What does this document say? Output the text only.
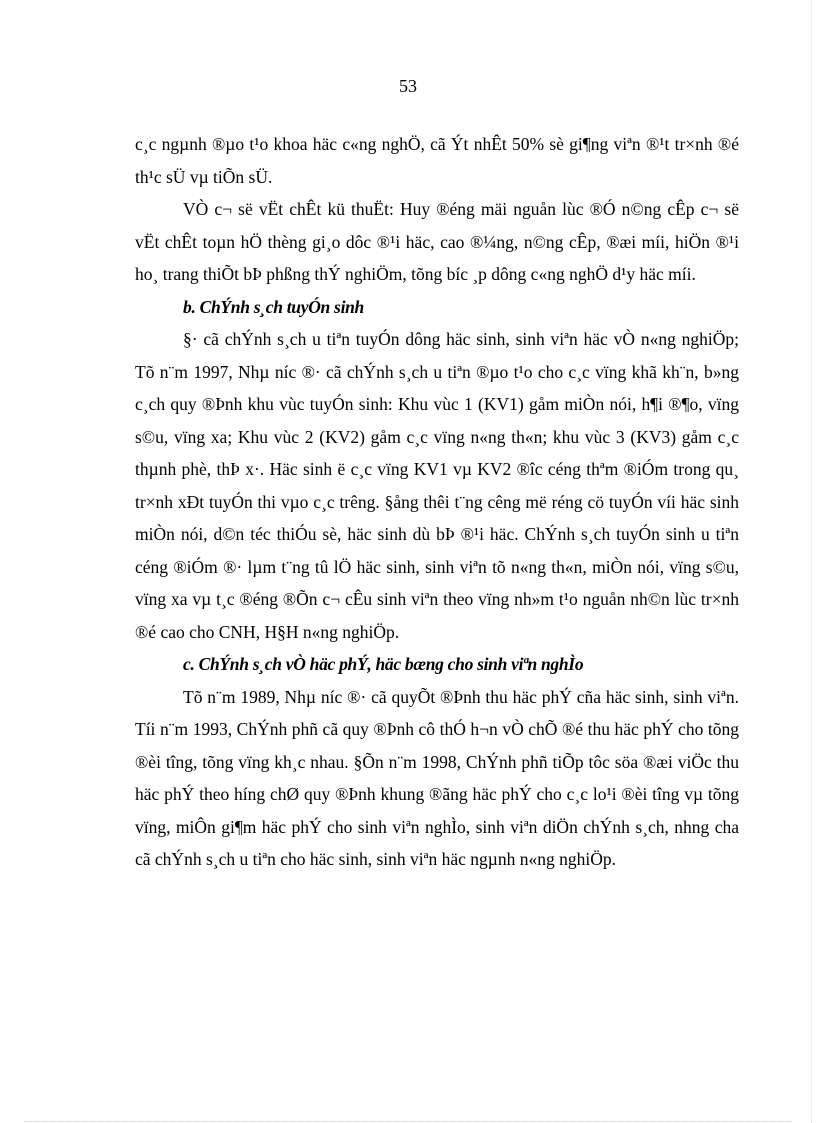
53

c¸c ngµnh ®µo t¹o khoa häc c«ng nghÖ, cã Ýt nhÊt 50% sè gi¶ng viªn ®¹t tr×nh ®é th¹c sÜ vµ tiÕn sÜ.

VÒ c¬ së vËt chÊt kü thuËt: Huy ®éng mäi nguån lùc ®Ó n©ng cÊp c¬ së vËt chÊt toµn hÖ thèng gi¸o dôc ®¹i häc, cao ®¼ng, n©ng cÊp, ®æi míi, hiÖn ®¹i ho¸ trang thiÕt bÞ phßng thÝ nghiÖm, tõng bíc ¸p dông c«ng nghÖ d¹y häc míi.

b. ChÝnh s¸ch tuyÓn sinh

§· cã chÝnh s¸ch u tiªn tuyÓn dông häc sinh, sinh viªn häc vÒ n«ng nghiÖp; Tõ n¨m 1997, Nhµ níc ®· cã chÝnh s¸ch u tiªn ®µo t¹o cho c¸c vïng khã kh¨n, b»ng c¸ch quy ®Þnh khu vùc tuyÓn sinh: Khu vùc 1 (KV1) gåm miÒn nói, h¶i ®¶o, vïng s©u, vïng xa; Khu vùc 2 (KV2) gåm c¸c vïng n«ng th«n; khu vùc 3 (KV3) gåm c¸c thµnh phè, thÞ x·. Häc sinh ë c¸c vïng KV1 vµ KV2 ®îc céng thªm ®iÓm trong qu¸ tr×nh xÐt tuyÓn thi vµo c¸c trêng. §ång thêi t¨ng cêng më réng cö tuyÓn víi häc sinh miÒn nói, d©n téc thiÓu sè, häc sinh dù bÞ ®¹i häc. ChÝnh s¸ch tuyÓn sinh u tiªn céng ®iÓm ®· lµm t¨ng tû lÖ häc sinh, sinh viªn tõ n«ng th«n, miÒn nói, vïng s©u, vïng xa vµ t¸c ®éng ®Õn c¬ cÊu sinh viªn theo vïng nh»m t¹o nguån nh©n lùc tr×nh ®é cao cho CNH, H§H n«ng nghiÖp.

c. ChÝnh s¸ch vÒ häc phÝ, häc bæng cho sinh viªn nghÌo

Tõ n¨m 1989, Nhµ níc ®· cã quyÕt ®Þnh thu häc phÝ cña häc sinh, sinh viªn. Tíi n¨m 1993, ChÝnh phñ cã quy ®Þnh cô thÓ h¬n vÒ chÕ ®é thu häc phÝ cho tõng ®èi tîng, tõng vïng kh¸c nhau. §Õn n¨m 1998, ChÝnh phñ tiÕp tôc söa ®æi viÖc thu häc phÝ theo híng chØ quy ®Þnh khung ®ãng häc phÝ cho c¸c lo¹i ®èi tîng vµ tõng vïng, miÔn gi¶m häc phÝ cho sinh viªn nghÌo, sinh viªn diÖn chÝnh s¸ch, nhng cha cã chÝnh s¸ch u tiªn cho häc sinh, sinh viªn häc ngµnh n«ng nghiÖp.
